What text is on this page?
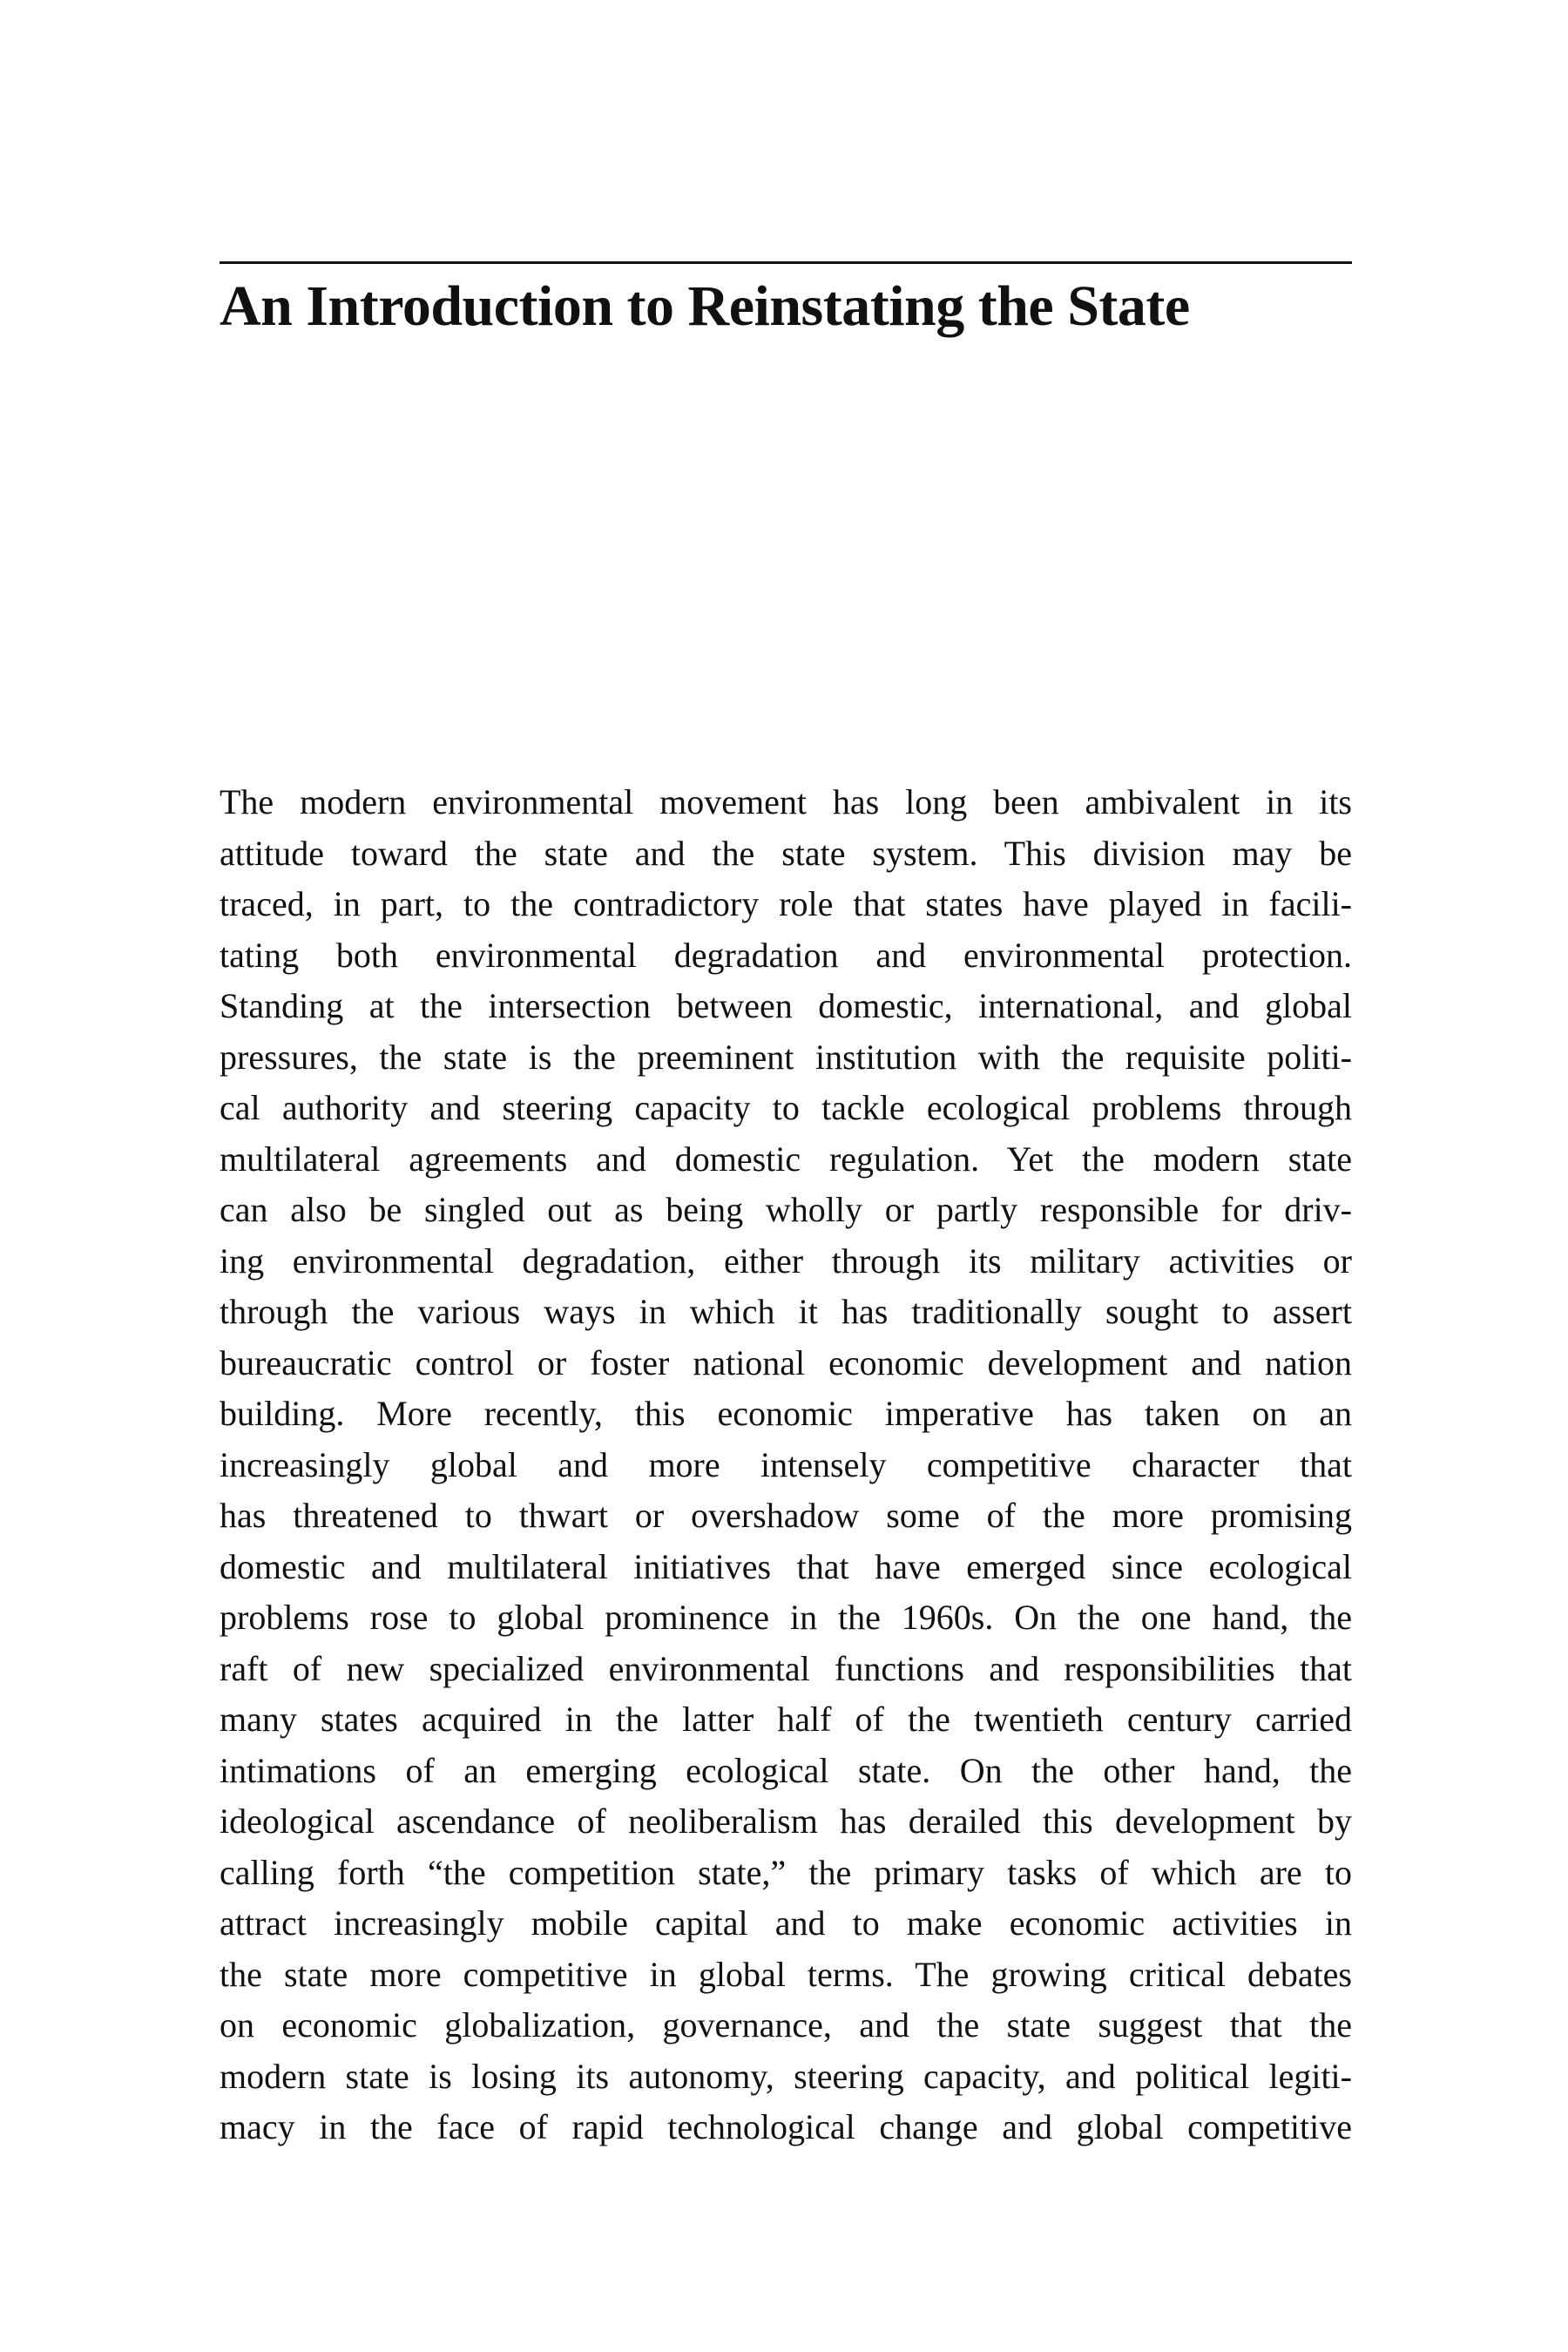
An Introduction to Reinstating the State
The modern environmental movement has long been ambivalent in its
attitude toward the state and the state system. This division may be
traced, in part, to the contradictory role that states have played in facili-
tating both environmental degradation and environmental protection.
Standing at the intersection between domestic, international, and global
pressures, the state is the preeminent institution with the requisite politi-
cal authority and steering capacity to tackle ecological problems through
multilateral agreements and domestic regulation. Yet the modern state
can also be singled out as being wholly or partly responsible for driv-
ing environmental degradation, either through its military activities or
through the various ways in which it has traditionally sought to assert
bureaucratic control or foster national economic development and nation
building. More recently, this economic imperative has taken on an
increasingly global and more intensely competitive character that
has threatened to thwart or overshadow some of the more promising
domestic and multilateral initiatives that have emerged since ecological
problems rose to global prominence in the 1960s. On the one hand, the
raft of new specialized environmental functions and responsibilities that
many states acquired in the latter half of the twentieth century carried
intimations of an emerging ecological state. On the other hand, the
ideological ascendance of neoliberalism has derailed this development by
calling forth “the competition state,” the primary tasks of which are to
attract increasingly mobile capital and to make economic activities in
the state more competitive in global terms. The growing critical debates
on economic globalization, governance, and the state suggest that the
modern state is losing its autonomy, steering capacity, and political legiti-
macy in the face of rapid technological change and global competitive
